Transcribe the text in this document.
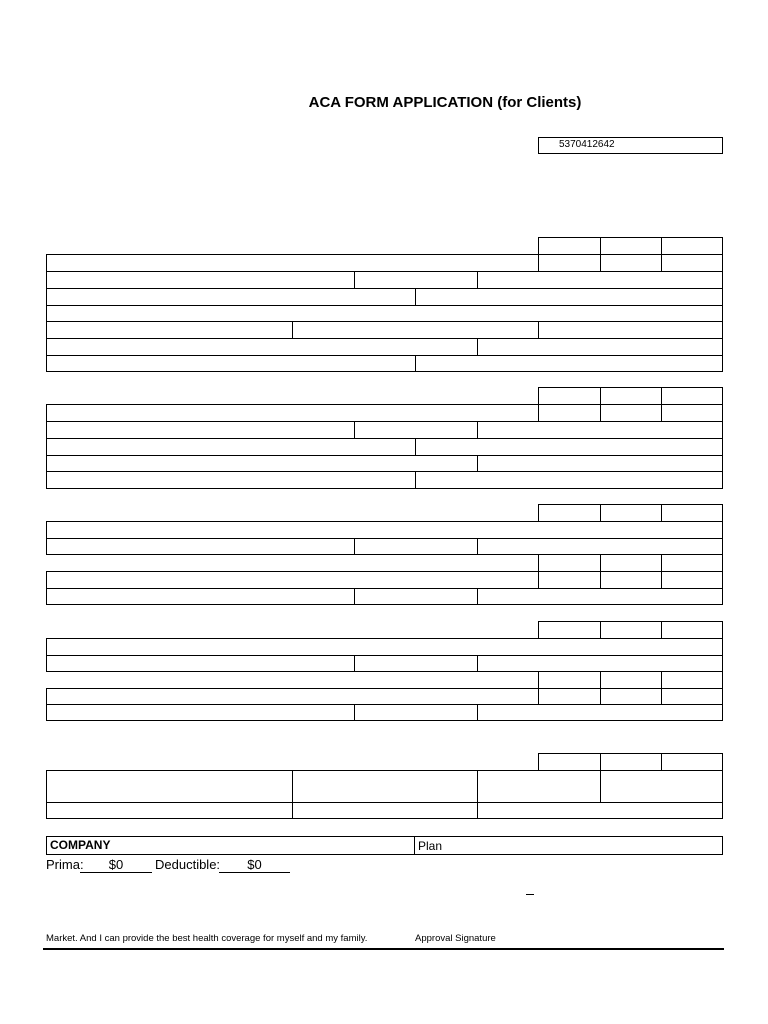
ACA FORM APPLICATION (for Clients)
5370412642
COMPANY	Plan
Prima:	$0	Deductible:	$0
Market. And I can provide the best health coverage for myself and my family.	Approval Signature
